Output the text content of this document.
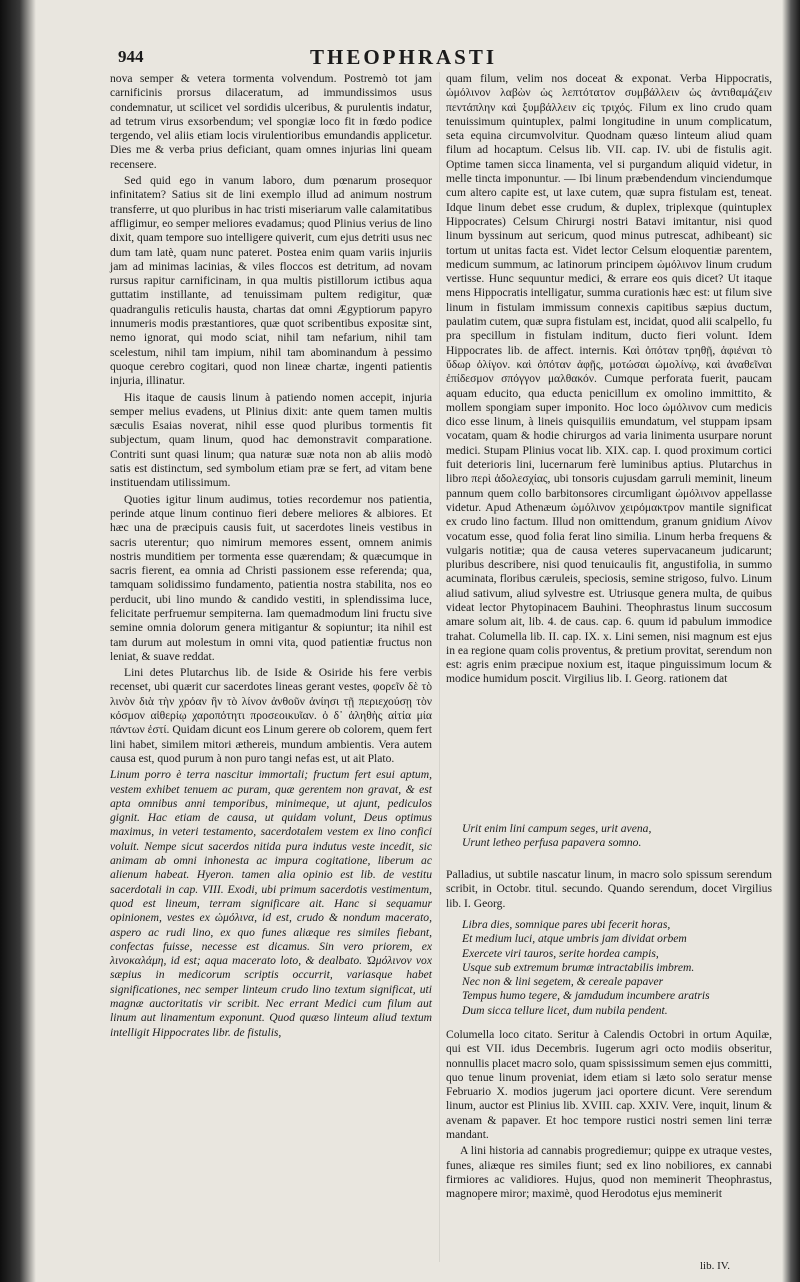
944	THEOPHRASTI

nova semper & vetera tormenta volvendum. Postremò tot jam carnificinis prorsus dilaceratum, ad immundissimos usus condemnatur, ut scilicet vel sordidis ulceribus, & purulentis indatur, ad tetrum virus exsorbendum; vel spongiæ loco fit in fœdo podice tergendo, vel aliis etiam locis virulentioribus emundandis applicetur. Dies me & verba prius deficiant, quam omnes injurias lini queam recensere.

Sed quid ego in vanum laboro, dum pœnarum prosequor infinitatem? Satius sit de lini exemplo illud ad animum nostrum transferre, ut quo pluribus in hac tristi miseriarum valle calamitatibus affligimur, eo semper meliores evadamus; quod Plinius verius de lino dixit, quam tempore suo intelligere quiverit, cum ejus detriti usus nec dum tam latè, quam nunc pateret. Postea enim quam variis injuriis jam ad minimas lacinias, & viles floccos est detritum, ad novam rursus rapitur carnificinam, in qua multis pistillorum ictibus aqua guttatim instillante, ad tenuissimam pultem redigitur, quæ quadrangulis reticulis hausta, chartas dat omni Ægyptiorum papyro innumeris modis præstantiores, quæ quot scribentibus expositæ sint, nemo ignorat, qui modo sciat, nihil tam nefarium, nihil tam scelestum, nihil tam impium, nihil tam abominandum à pessimo quoque cerebro cogitari, quod non lineæ chartæ, ingenti patientis injuria, illinatur.

His itaque de causis linum à patiendo nomen accepit, injuria semper melius evadens, ut Plinius dixit: ante quem tamen multis sæculis Esaias noverat, nihil esse quod pluribus tormentis fit subjectum, quam linum, quod hac demonstravit comparatione. Contriti sunt quasi linum; qua naturæ suæ nota non ab aliis modò satis est distinctum, sed symbolum etiam præ se fert, ad vitam bene instituendam utilissimum.

Quoties igitur linum audimus, toties recordemur nos patientia, perinde atque linum continuo fieri debere meliores & albiores. Et hæc una de præcipuis causis fuit, ut sacerdotes lineis vestibus in sacris uterentur; quo nimirum memores essent, omnem animis nostris munditiem per tormenta esse quærendam; & quæcumque in sacris fierent, ea omnia ad Christi passionem esse referenda; qua, tamquam solidissimo fundamento, patientia nostra stabilita, nos eo perducit, ubi lino mundo & candido vestiti, in splendissima luce, felicitate perfruemur sempiterna. Iam quemadmodum lini fructu sive semine omnia dolorum genera mitigantur & sopiuntur; ita nihil est tam durum aut molestum in omni vita, quod patientiæ fructus non leniat, & suave reddat.

Lini detes Plutarchus lib. de Iside & Osiride his fere verbis recenset, ubi quærit cur sacerdotes lineas gerant vestes, φορεῖν δὲ τὸ λινὸν διὰ τὴν χρόαν ἣν τὸ λίνον ἀνθοῦν ἀνίησι τῇ περιεχούσῃ τὸν κόσμον αἰθερίῳ χαροπότητι προσεοικυῖαν. ὁ δ᾽ ἀληθὴς αἰτία μία πάντων ἐστί. Quidam dicunt eos Linum gerere ob colorem, quem fert lini habet, similem mitori æthereis, mundum ambientis. Vera autem causa est, quod purum à non puro tangi nefas est, ut ait Plato.

Linum porro è terra nascitur immortali; fructum fert esui aptum, vestem exhibet tenuem ac puram, quæ gerentem non gravat, & est apta omnibus anni temporibus, minimeque, ut ajunt, pediculos gignit. Hac etiam de causa, ut quidam volunt, Deus optimus maximus, in veteri testamento, sacerdotalem vestem ex lino confici voluit. Nempe sicut sacerdos nitida pura indutus veste incedit, sic animam ab omni inhonesta ac impura cogitatione, liberum ac alienum habeat. Hyeron. tamen alia opinio est lib. de vestitu sacerdotali in cap. VIII. Exodi, ubi primum sacerdotis vestimentum, quod est lineum, terram significare ait. Hanc si sequamur opinionem, vestes ex ὠμόλινα, id est, crudo & nondum macerato, aspero ac rudi lino, ex quo funes aliæque res similes fiebant, confectas fuisse, necesse est dicamus. Sin vero priorem, ex λινοκαλάμη, id est; aqua macerato loto, & dealbato. Ὠμόλινον vox sæpius in medicorum scriptis occurrit, variasque habet significationes, nec semper linteum crudo lino textum significat, uti magnæ auctoritatis vir scribit. Nec errant Medici cum filum aut linum aut linamentum exponunt. Quod quæso linteum aliud textum intelligit Hippocrates libr. de fistulis,

quam filum, velim nos doceat & exponat. Verba Hippocratis, ὠμόλινον λαβὼν ὡς λεπτότατον συμβάλλειν ὡς ἀντιθαμάζειν πεντάπλην καὶ ξυμβάλλειν εἰς τριχός. Filum ex lino crudo quam tenuissimum quintuplex, palmi longitudine in unum complicatum, seta equina circumvolvitur. Quodnam quæso linteum aliud quam filum ad hocaptum. Celsus lib. VII. cap. IV. ubi de fistulis agit. Optime tamen sicca linamenta, vel si purgandum aliquid videtur, in melle tincta imponuntur. — Ibi linum præbendendum vinciendumque cum altero capite est, ut laxe cutem, quæ supra fistulam est, teneat. Idque linum debet esse crudum, & duplex, triplexque (quintuplex Hippocrates) Celsum Chirurgi nostri Batavi imitantur, nisi quod linum byssinum aut sericum, quod minus putrescat, adhibeant) sic tortum ut unitas facta est. Videt lector Celsum eloquentiæ parentem, medicum summum, ac latinorum principem ὠμόλινον linum crudum vertisse. Hunc sequuntur medici, & errare eos quis dicet? Ut itaque mens Hippocratis intelligatur, summa curationis hæc est: ut filum sive linum in fistulam immissum connexis capitibus sæpius ductum, paulatim cutem, quæ supra fistulam est, incidat, quod alii scalpello, fu pra specillum in fistulam inditum, ducto fieri volunt. Idem Hippocrates lib. de affect. internis. Καὶ ὁπόταν τρηθῇ, ἀφιέναι τὸ ὕδωρ ὀλίγον. καὶ ὁπόταν ἀφῇς, μοτώσαι ὠμολίνῳ, καὶ ἀναθεῖναι ἐπίδεσμον σπόγγον μαλθακόν. Cumque perforata fuerit, paucam aquam educito, qua educta penicillum ex omolino immittito, & mollem spongiam super imponito. Hoc loco ὠμόλινον cum medicis dico esse linum, à lineis quisquiliis emundatum, vel stuppam ipsam vocatam, quam & hodie chirurgos ad varia linimenta usurpare norunt medici. Stupam Plinius vocat lib. XIX. cap. I. quod proximum cortici fuit deterioris lini, lucernarum ferè luminibus aptius. Plutarchus in libro περὶ ἀδολεσχίας, ubi tonsoris cujusdam garruli meminit, lineum pannum quem collo barbitonsores circumligant ὠμόλινον appellasse videtur. Apud Athenæum ὠμόλινον χειρόμακτρον mantile significat ex crudo lino factum. Illud non omittendum, granum gnidium Λίνον vocatum esse, quod folia ferat lino similia. Linum herba frequens & vulgaris notitiæ; qua de causa veteres supervacaneum judicarunt; pluribus describere, nisi quod tenuicaulis fit, angustifolia, in summo acuminata, floribus cæruleis, speciosis, semine strigoso, fulvo. Linum aliud sativum, aliud sylvestre est. Utriusque genera multa, de quibus videat lector Phytopinacem Bauhini. Theophrastus linum succosum amare solum ait, lib. 4. de caus. cap. 6. quum id pabulum immodice trahat. Columella lib. II. cap. IX. x. Lini semen, nisi magnum est ejus in ea regione quam colis proventus, & pretium provitat, serendum non est: agris enim præcipue noxium est, itaque pinguissimum locum & modice humidum poscit. Virgilius lib. I. Georg. rationem dat

Urit enim lini campum seges, urit avena,
Urunt letheo perfusa papavera somno.
Palladius, ut subtile nascatur linum, in macro solo spissum serendum scribit, in Octobr. titul. secundo. Quando serendum, docet Virgilius lib. I. Georg.
Libra dies, somnique pares ubi fecerit horas,
Et medium luci, atque umbris jam dividat orbem
Exercete viri tauros, serite hordea campis,
Usque sub extremum brumæ intractabilis imbrem.
Nec non & lini segetem, & cereale papaver
Tempus humo tegere, & jamdudum incumbere aratris
Dum sicca tellure licet, dum nubila pendent.

Columella loco citato. Seritur à Calendis Octobri in ortum Aquilæ, qui est VII. idus Decembris. Iugerum agri octo modiis obseritur, nonnullis placet macro solo, quam spississimum semen ejus committi, quo tenue linum proveniat, idem etiam si læto solo seratur mense Februario X. modios jugerum jaci oportere dicunt. Vere serendum linum, auctor est Plinius lib. XVIII. cap. XXIV. Vere, inquit, linum & avenam & papaver. Et hoc tempore rustici nostri semen lini terræ mandant.

A lini historia ad cannabis progrediemur; quippe ex utraque vestes, funes, aliæque res similes fiunt; sed ex lino nobiliores, ex cannabi firmiores ac validiores. Hujus, quod non meminerit Theophrastus, magnopere miror; maximè, quod Herodotus ejus meminerit

lib. IV.
